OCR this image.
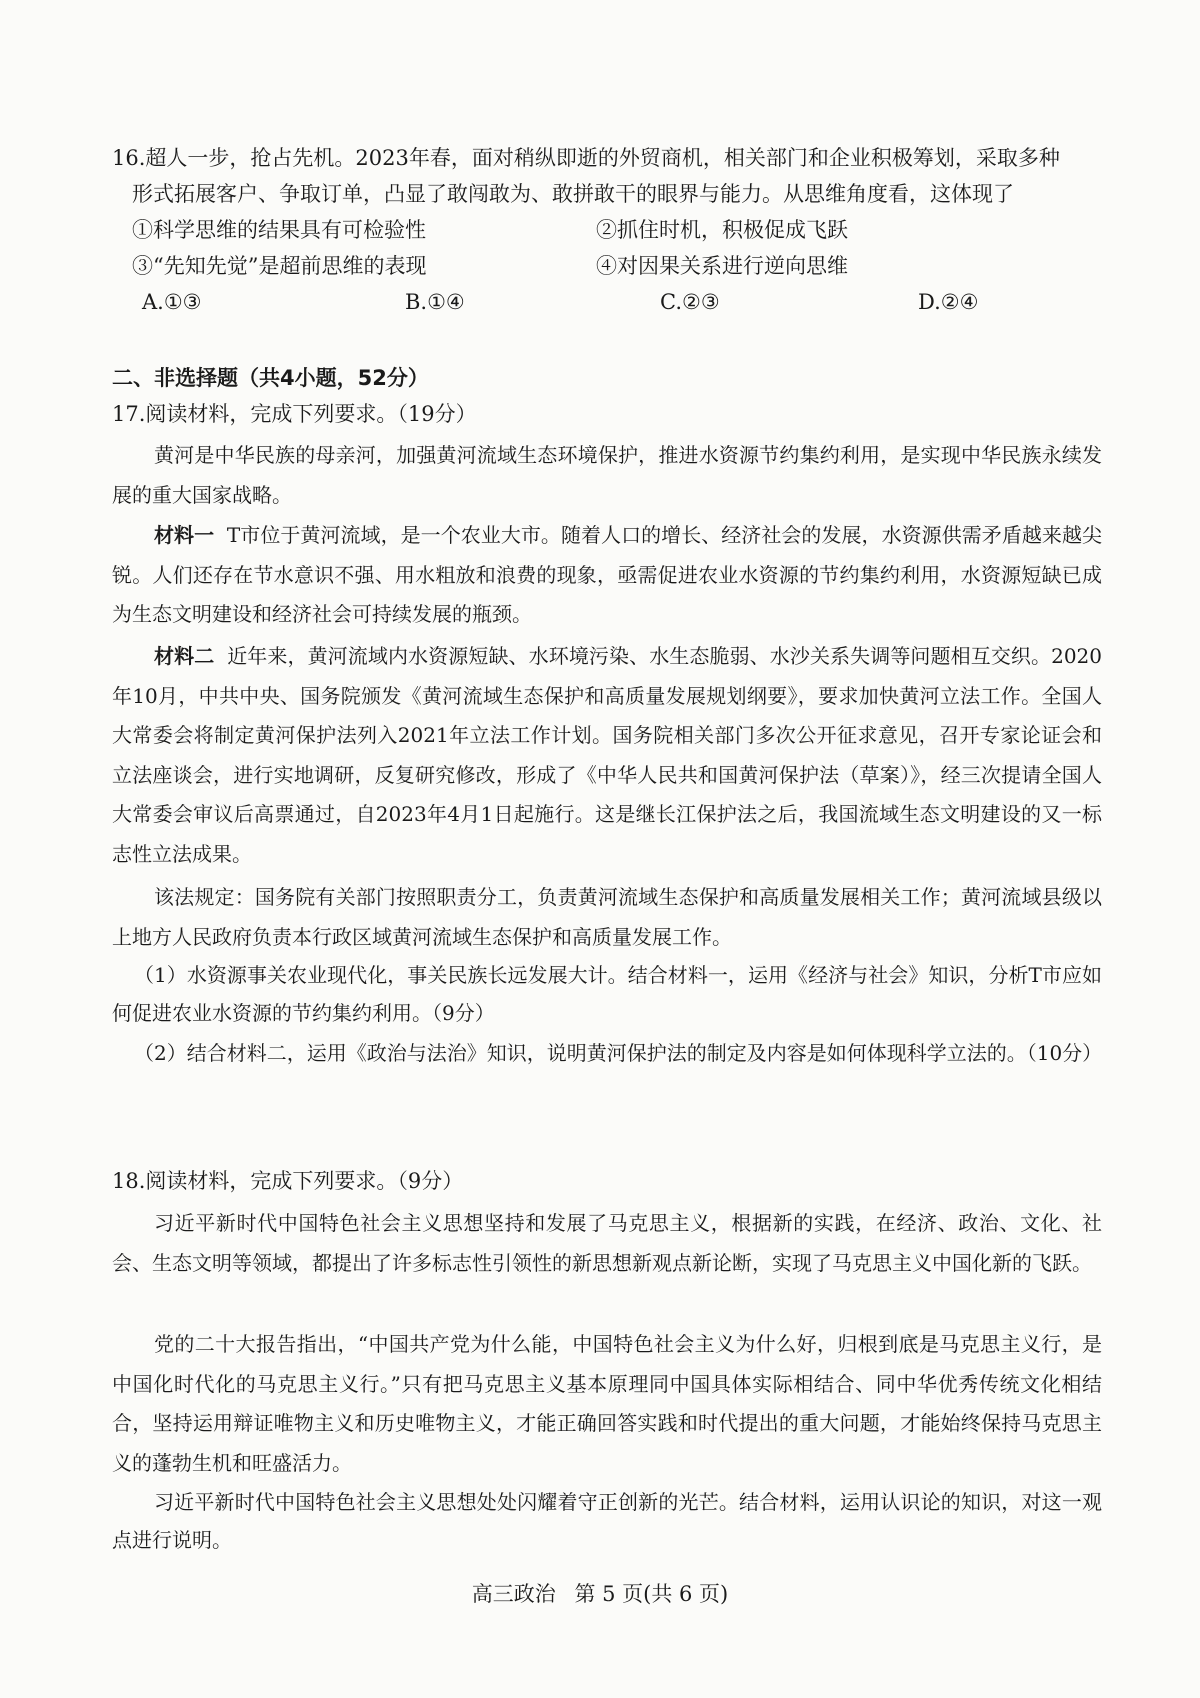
16.超人一步，抢占先机。2023年春，面对稍纵即逝的外贸商机，相关部门和企业积极筹划，采取多种
形式拓展客户、争取订单，凸显了敢闯敢为、敢拼敢干的眼界与能力。从思维角度看，这体现了
①科学思维的结果具有可检验性	②抓住时机，积极促成飞跃
③“先知先觉”是超前思维的表现	④对因果关系进行逆向思维
A.①③	B.①④	C.②③	D.②④
二、非选择题（共4小题，52分）
17.阅读材料，完成下列要求。（19分）
黄河是中华民族的母亲河，加强黄河流域生态环境保护，推进水资源节约集约利用，是实现中华民族永续发展的重大国家战略。
材料一 T市位于黄河流域，是一个农业大市。随着人口的增长、经济社会的发展，水资源供需矛盾越来越尖锐。人们还存在节水意识不强、用水粗放和浪费的现象，亟需促进农业水资源的节约集约利用，水资源短缺已成为生态文明建设和经济社会可持续发展的瓶颈。
材料二 近年来，黄河流域内水资源短缺、水环境污染、水生态脆弱、水沙关系失调等问题相互交织。2020年10月，中共中央、国务院颁发《黄河流域生态保护和高质量发展规划纲要》，要求加快黄河立法工作。全国人大常委会将制定黄河保护法列入2021年立法工作计划。国务院相关部门多次公开征求意见，召开专家论证会和立法座谈会，进行实地调研，反复研究修改，形成了《中华人民共和国黄河保护法（草案）》，经三次提请全国人大常委会审议后高票通过，自2023年4月1日起施行。这是继长江保护法之后，我国流域生态文明建设的又一标志性立法成果。
该法规定：国务院有关部门按照职责分工，负责黄河流域生态保护和高质量发展相关工作；黄河流域县级以上地方人民政府负责本行政区域黄河流域生态保护和高质量发展工作。
（1）水资源事关农业现代化，事关民族长远发展大计。结合材料一，运用《经济与社会》知识，分析T市应如何促进农业水资源的节约集约利用。（9分）
（2）结合材料二，运用《政治与法治》知识，说明黄河保护法的制定及内容是如何体现科学立法的。（10分）
18.阅读材料，完成下列要求。（9分）
习近平新时代中国特色社会主义思想坚持和发展了马克思主义，根据新的实践，在经济、政治、文化、社会、生态文明等领域，都提出了许多标志性引领性的新思想新观点新论断，实现了马克思主义中国化新的飞跃。
党的二十大报告指出，“中国共产党为什么能，中国特色社会主义为什么好，归根到底是马克思主义行，是中国化时代化的马克思主义行。”只有把马克思主义基本原理同中国具体实际相结合、同中华优秀传统文化相结合，坚持运用辩证唯物主义和历史唯物主义，才能正确回答实践和时代提出的重大问题，才能始终保持马克思主义的蓬勃生机和旺盛活力。
习近平新时代中国特色社会主义思想处处闪耀着守正创新的光芒。结合材料，运用认识论的知识，对这一观点进行说明。
高三政治 第 5 页(共 6 页)
